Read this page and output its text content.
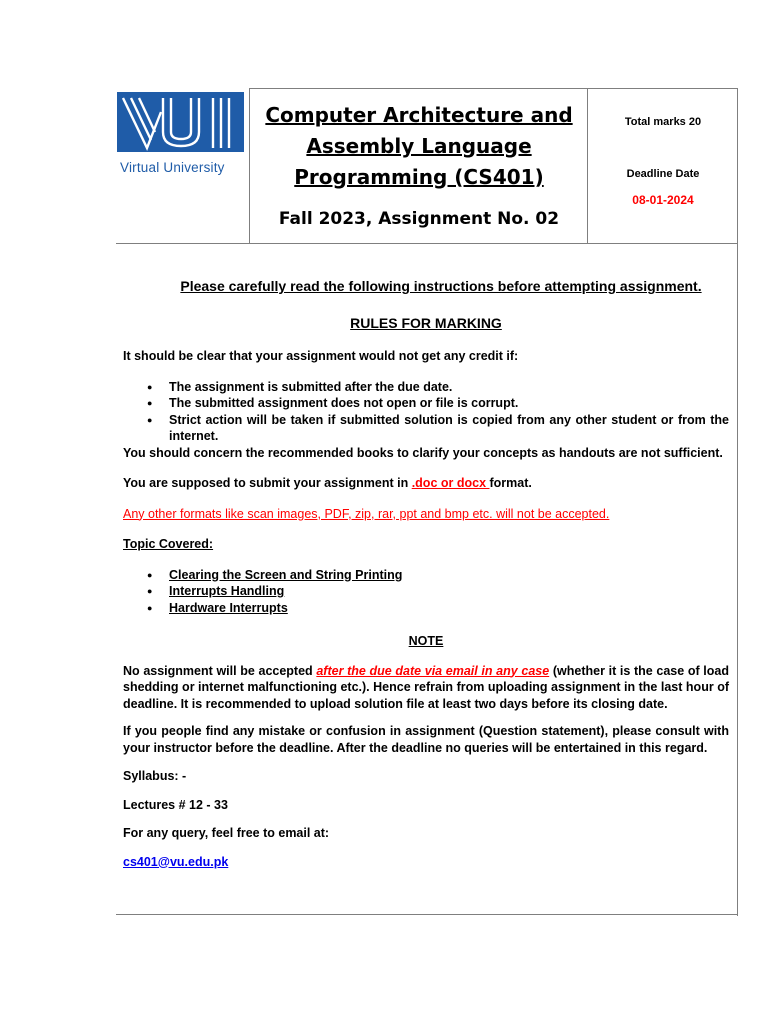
Virtual University

Computer Architecture and

Assembly Language

Programming (CS401)

Fall 2023, Assignment No. 02
Total marks 20
Deadline Date
08-01-2024

Please carefully read the following instructions before attempting assignment.

RULES FOR MARKING

It should be clear that your assignment would not get any credit if:

● The assignment is submitted after the due date.
● The submitted assignment does not open or file is corrupt.
● Strict action will be taken if submitted solution is copied from any other student or from the internet.

You should concern the recommended books to clarify your concepts as handouts are not sufficient.

You are supposed to submit your assignment in .doc or docx format.

Any other formats like scan images, PDF, zip, rar, ppt and bmp etc. will not be accepted.

Topic Covered:

● Clearing the Screen and String Printing
● Interrupts Handling
● Hardware Interrupts

NOTE

No assignment will be accepted after the due date via email in any case (whether it is the case of load shedding or internet malfunctioning etc.). Hence refrain from uploading assignment in the last hour of deadline. It is recommended to upload solution file at least two days before its closing date.

If you people find any mistake or confusion in assignment (Question statement), please consult with your instructor before the deadline. After the deadline no queries will be entertained in this regard.

Syllabus: -

Lectures # 12 - 33

For any query, feel free to email at:

cs401@vu.edu.pk
